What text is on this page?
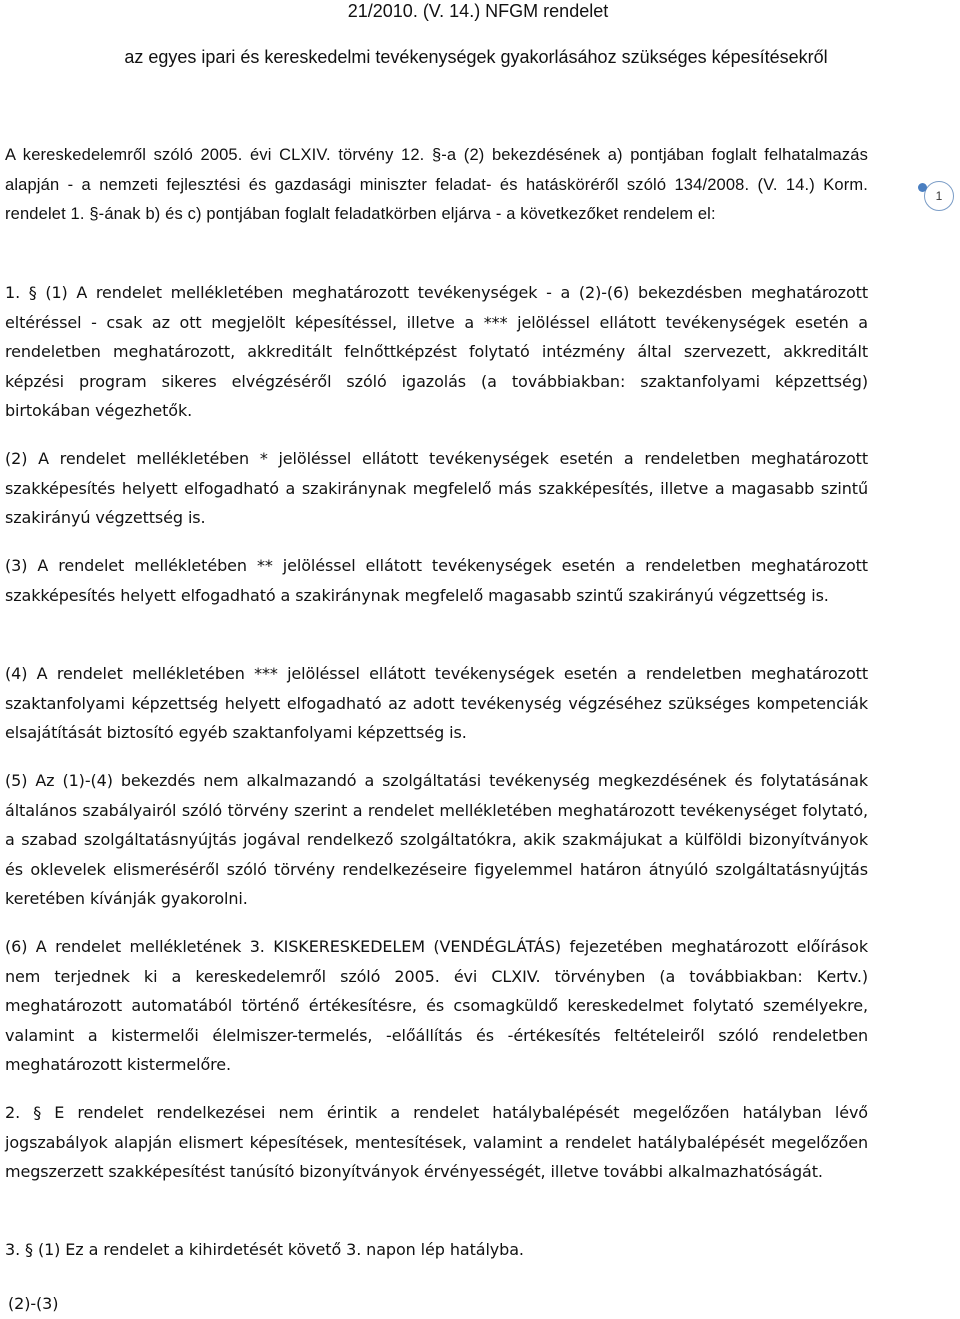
21/2010. (V. 14.) NFGM rendelet
az egyes ipari és kereskedelmi tevékenységek gyakorlásához szükséges képesítésekről
1

A kereskedelemről szóló 2005. évi CLXIV. törvény 12. §-a (2) bekezdésének a) pontjában foglalt felhatalmazás alapján - a nemzeti fejlesztési és gazdasági miniszter feladat- és hatásköréről szóló 134/2008. (V. 14.) Korm. rendelet 1. §-ának b) és c) pontjában foglalt feladatkörben eljárva - a következőket rendelem el:

1. § (1) A rendelet mellékletében meghatározott tevékenységek - a (2)-(6) bekezdésben meghatározott eltéréssel - csak az ott megjelölt képesítéssel, illetve a *** jelöléssel ellátott tevékenységek esetén a rendeletben meghatározott, akkreditált felnőttképzést folytató intézmény által szervezett, akkreditált képzési program sikeres elvégzéséről szóló igazolás (a továbbiakban: szaktanfolyami képzettség) birtokában végezhetők.

(2) A rendelet mellékletében * jelöléssel ellátott tevékenységek esetén a rendeletben meghatározott szakképesítés helyett elfogadható a szakiránynak megfelelő más szakképesítés, illetve a magasabb szintű szakirányú végzettség is.

(3) A rendelet mellékletében ** jelöléssel ellátott tevékenységek esetén a rendeletben meghatározott szakképesítés helyett elfogadható a szakiránynak megfelelő magasabb szintű szakirányú végzettség is.

(4) A rendelet mellékletében *** jelöléssel ellátott tevékenységek esetén a rendeletben meghatározott szaktanfolyami képzettség helyett elfogadható az adott tevékenység végzéséhez szükséges kompetenciák elsajátítását biztosító egyéb szaktanfolyami képzettség is.

(5) Az (1)-(4) bekezdés nem alkalmazandó a szolgáltatási tevékenység megkezdésének és folytatásának általános szabályairól szóló törvény szerint a rendelet mellékletében meghatározott tevékenységet folytató, a szabad szolgáltatásnyújtás jogával rendelkező szolgáltatókra, akik szakmájukat a külföldi bizonyítványok és oklevelek elismeréséről szóló törvény rendelkezéseire figyelemmel határon átnyúló szolgáltatásnyújtás keretében kívánják gyakorolni.

(6) A rendelet mellékletének 3. KISKERESKEDELEM (VENDÉGLÁTÁS) fejezetében meghatározott előírások nem terjednek ki a kereskedelemről szóló 2005. évi CLXIV. törvényben (a továbbiakban: Kertv.) meghatározott automatából történő értékesítésre, és csomagküldő kereskedelmet folytató személyekre, valamint a kistermelői élelmiszer-termelés, -előállítás és -értékesítés feltételeiről szóló rendeletben meghatározott kistermelőre.

2. § E rendelet rendelkezései nem érintik a rendelet hatálybalépését megelőzően hatályban lévő jogszabályok alapján elismert képesítések, mentesítések, valamint a rendelet hatálybalépését megelőzően megszerzett szakképesítést tanúsító bizonyítványok érvényességét, illetve további alkalmazhatóságát.

3. § (1) Ez a rendelet a kihirdetését követő 3. napon lép hatályba.

(2)-(3)
